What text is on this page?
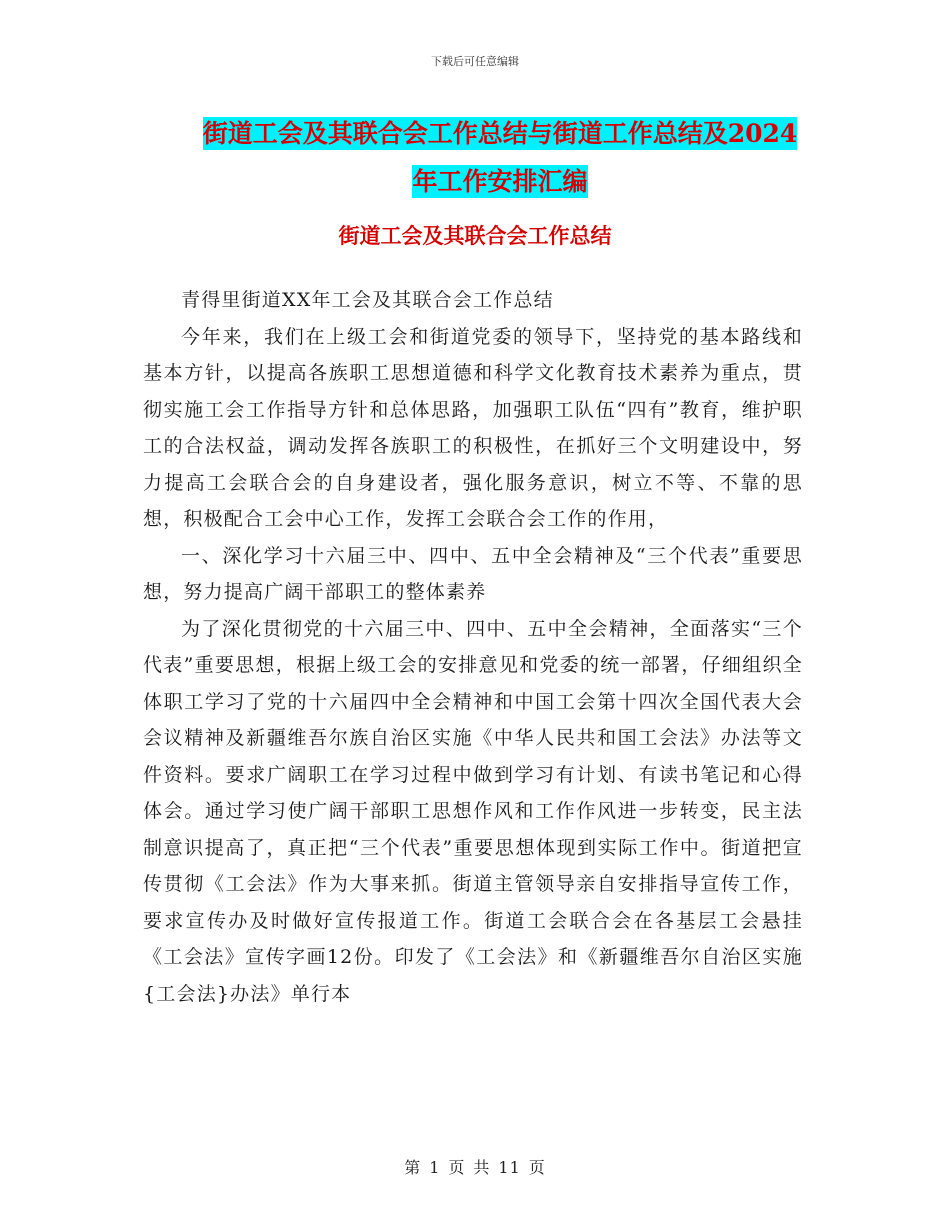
下载后可任意编辑
街道工会及其联合会工作总结与街道工作总结及2024
年工作安排汇编
街道工会及其联合会工作总结

青得里街道XX年工会及其联合会工作总结

今年来，我们在上级工会和街道党委的领导下，坚持党的基本路线和基本方针，以提高各族职工思想道德和科学文化教育技术素养为重点，贯彻实施工会工作指导方针和总体思路，加强职工队伍“四有”教育，维护职工的合法权益，调动发挥各族职工的积极性，在抓好三个文明建设中，努力提高工会联合会的自身建设者，强化服务意识，树立不等、不靠的思想，积极配合工会中心工作，发挥工会联合会工作的作用，

一、深化学习十六届三中、四中、五中全会精神及“三个代表”重要思想，努力提高广阔干部职工的整体素养

为了深化贯彻党的十六届三中、四中、五中全会精神，全面落实“三个代表”重要思想，根据上级工会的安排意见和党委的统一部署，仔细组织全体职工学习了党的十六届四中全会精神和中国工会第十四次全国代表大会会议精神及新疆维吾尔族自治区实施《中华人民共和国工会法》办法等文件资料。要求广阔职工在学习过程中做到学习有计划、有读书笔记和心得体会。通过学习使广阔干部职工思想作风和工作作风进一步转变，民主法制意识提高了，真正把“三个代表”重要思想体现到实际工作中。街道把宣传贯彻《工会法》作为大事来抓。街道主管领导亲自安排指导宣传工作，要求宣传办及时做好宣传报道工作。街道工会联合会在各基层工会悬挂《工会法》宣传字画12份。印发了《工会法》和《新疆维吾尔自治区实施{工会法}办法》单行本

第 1 页 共 11 页
